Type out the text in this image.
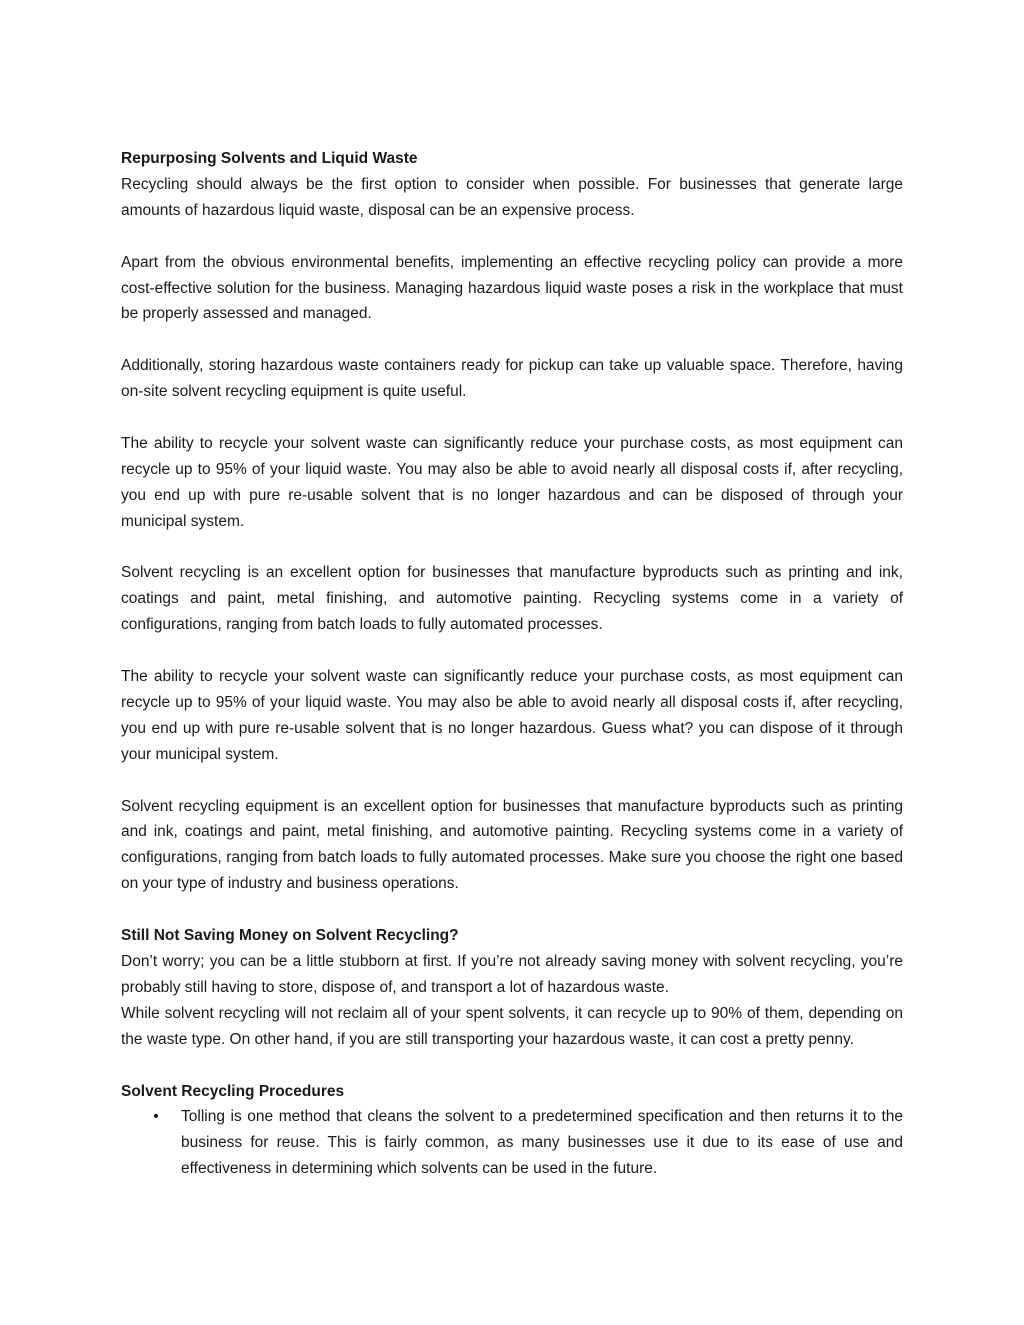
Repurposing Solvents and Liquid Waste

Recycling should always be the first option to consider when possible. For businesses that generate large amounts of hazardous liquid waste, disposal can be an expensive process.

Apart from the obvious environmental benefits, implementing an effective recycling policy can provide a more cost-effective solution for the business. Managing hazardous liquid waste poses a risk in the workplace that must be properly assessed and managed.

Additionally, storing hazardous waste containers ready for pickup can take up valuable space. Therefore, having on-site solvent recycling equipment is quite useful.

The ability to recycle your solvent waste can significantly reduce your purchase costs, as most equipment can recycle up to 95% of your liquid waste. You may also be able to avoid nearly all disposal costs if, after recycling, you end up with pure re-usable solvent that is no longer hazardous and can be disposed of through your municipal system.

Solvent recycling is an excellent option for businesses that manufacture byproducts such as printing and ink, coatings and paint, metal finishing, and automotive painting. Recycling systems come in a variety of configurations, ranging from batch loads to fully automated processes.

The ability to recycle your solvent waste can significantly reduce your purchase costs, as most equipment can recycle up to 95% of your liquid waste. You may also be able to avoid nearly all disposal costs if, after recycling, you end up with pure re-usable solvent that is no longer hazardous. Guess what? you can dispose of it through your municipal system.

Solvent recycling equipment is an excellent option for businesses that manufacture byproducts such as printing and ink, coatings and paint, metal finishing, and automotive painting. Recycling systems come in a variety of configurations, ranging from batch loads to fully automated processes. Make sure you choose the right one based on your type of industry and business operations.

Still Not Saving Money on Solvent Recycling?

Don’t worry; you can be a little stubborn at first. If you’re not already saving money with solvent recycling, you’re probably still having to store, dispose of, and transport a lot of hazardous waste.

While solvent recycling will not reclaim all of your spent solvents, it can recycle up to 90% of them, depending on the waste type. On other hand, if you are still transporting your hazardous waste, it can cost a pretty penny.

Solvent Recycling Procedures
• Tolling is one method that cleans the solvent to a predetermined specification and then returns it to the business for reuse. This is fairly common, as many businesses use it due to its ease of use and effectiveness in determining which solvents can be used in the future.
